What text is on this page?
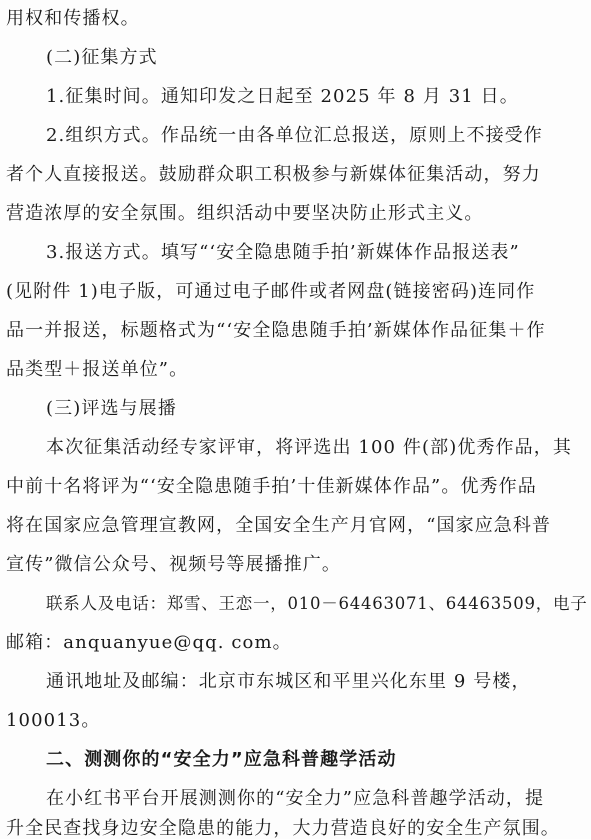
用权和传播权。
(二)征集方式
1.征集时间。通知印发之日起至 2025 年 8 月 31 日。
2.组织方式。作品统一由各单位汇总报送，原则上不接受作
者个人直接报送。鼓励群众职工积极参与新媒体征集活动，努力
营造浓厚的安全氛围。组织活动中要坚决防止形式主义。
3.报送方式。填写“‘安全隐患随手拍’新媒体作品报送表”
(见附件 1)电子版，可通过电子邮件或者网盘(链接密码)连同作
品一并报送，标题格式为“‘安全隐患随手拍’新媒体作品征集＋作
品类型＋报送单位”。
(三)评选与展播
本次征集活动经专家评审，将评选出 100 件(部)优秀作品，其
中前十名将评为“‘安全隐患随手拍’十佳新媒体作品”。优秀作品
将在国家应急管理宣教网，全国安全生产月官网，“国家应急科普
宣传”微信公众号、视频号等展播推广。
联系人及电话：郑雪、王恋一，010－64463071、64463509，电子
邮箱：anquanyue@qq. com。
通讯地址及邮编：北京市东城区和平里兴化东里 9 号楼，
100013。
二、测测你的“安全力”应急科普趣学活动
在小红书平台开展测测你的“安全力”应急科普趣学活动，提
升全民查找身边安全隐患的能力，大力营造良好的安全生产氛围。
